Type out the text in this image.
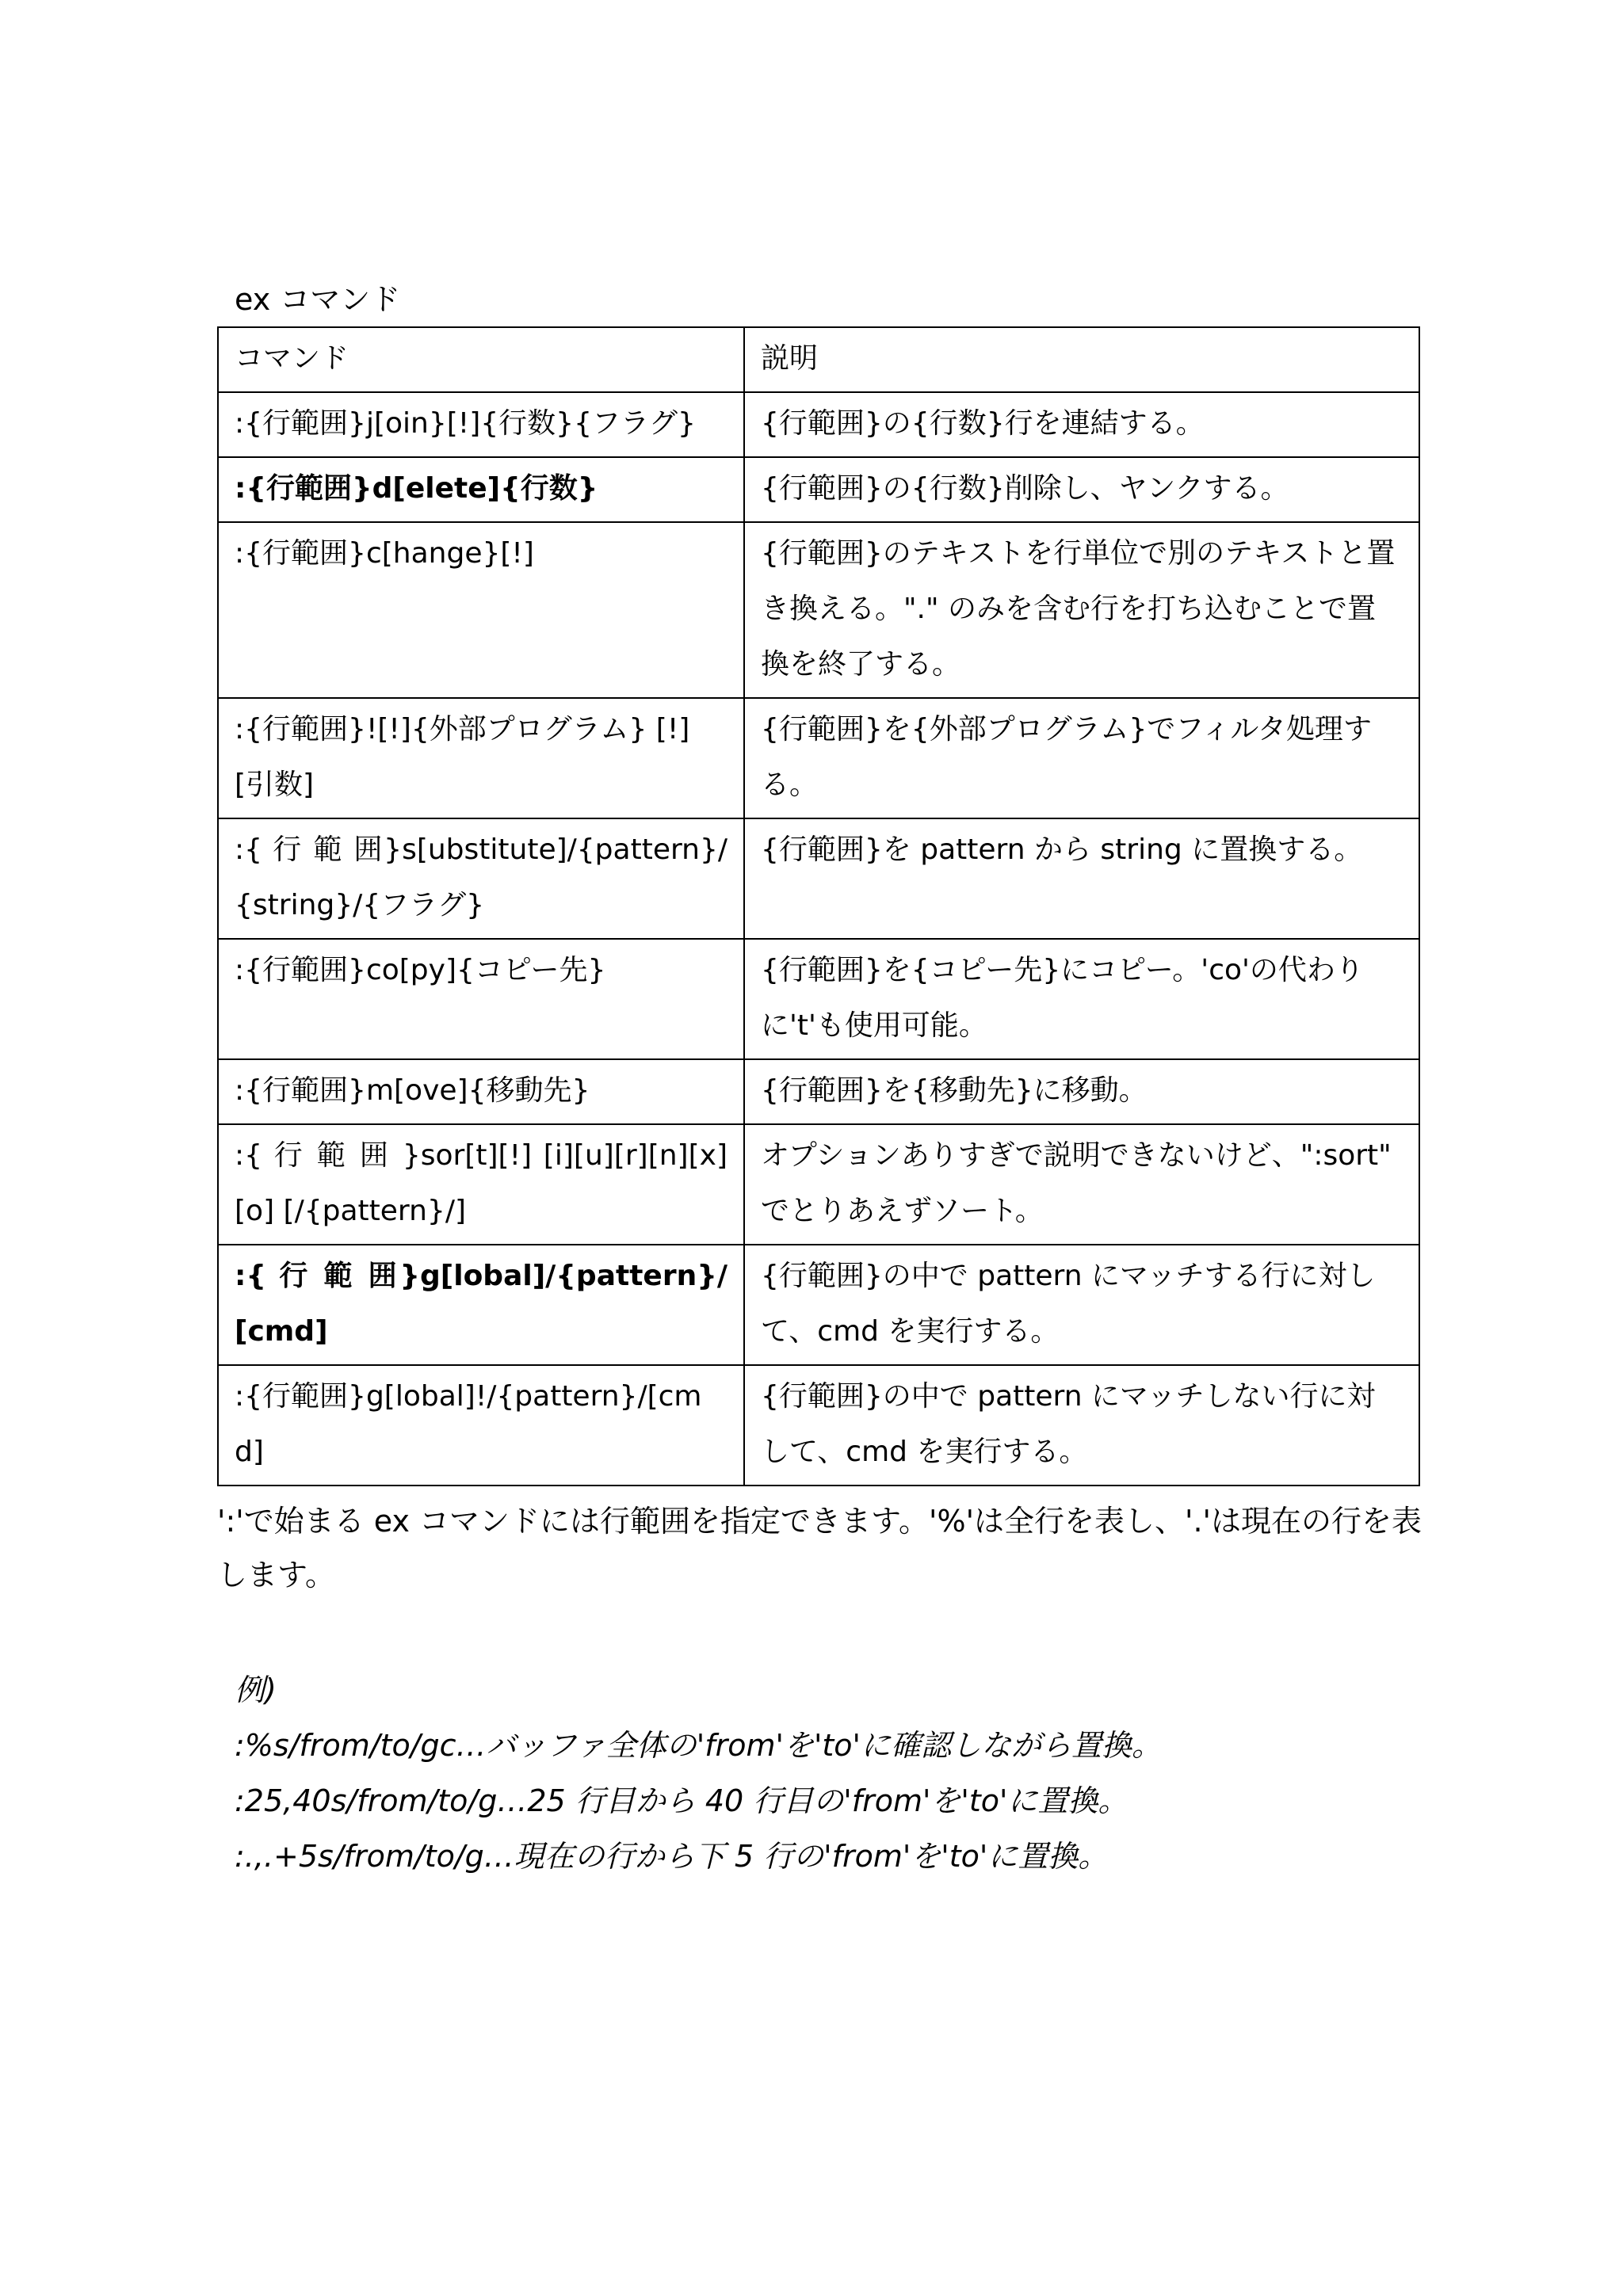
ex コマンド
コマンド	説明
:{行範囲}j[oin}[!]{行数}{フラグ}	{行範囲}の{行数}行を連結する。
:{行範囲}d[elete]{行数}	{行範囲}の{行数}削除し、ヤンクする。
:{行範囲}c[hange}[!]	{行範囲}のテキストを行単位で別のテキストと置き換える。"." のみを含む行を打ち込むことで置換を終了する。
:{行範囲}![!]{外部プログラム} [!][引数]	{行範囲}を{外部プログラム}でフィルタ処理する。
:{ 行 範 囲}s[ubstitute]/{pattern}/{string}/{フラグ}	{行範囲}を pattern から string に置換する。
:{行範囲}co[py]{コピー先}	{行範囲}を{コピー先}にコピー。'co'の代わりに't'も使用可能。
:{行範囲}m[ove]{移動先}	{行範囲}を{移動先}に移動。
:{ 行 範 囲 }sor[t][!] [i][u][r][n][x][o] [/{pattern}/]	オプションありすぎで説明できないけど、":sort" でとりあえずソート。
:{ 行 範 囲}g[lobal]/{pattern}/[cmd]	{行範囲}の中で pattern にマッチする行に対して、cmd を実行する。
:{行範囲}g[lobal]!/{pattern}/[cmd]	{行範囲}の中で pattern にマッチしない行に対して、cmd を実行する。
':'で始まる ex コマンドには行範囲を指定できます。'%'は全行を表し、'.'は現在の行を表します。
例)
:%s/from/to/gc…バッファ全体の'from'を'to'に確認しながら置換。
:25,40s/from/to/g…25 行目から 40 行目の'from'を'to'に置換。
:.,.+5s/from/to/g…現在の行から下 5 行の'from'を'to'に置換。
